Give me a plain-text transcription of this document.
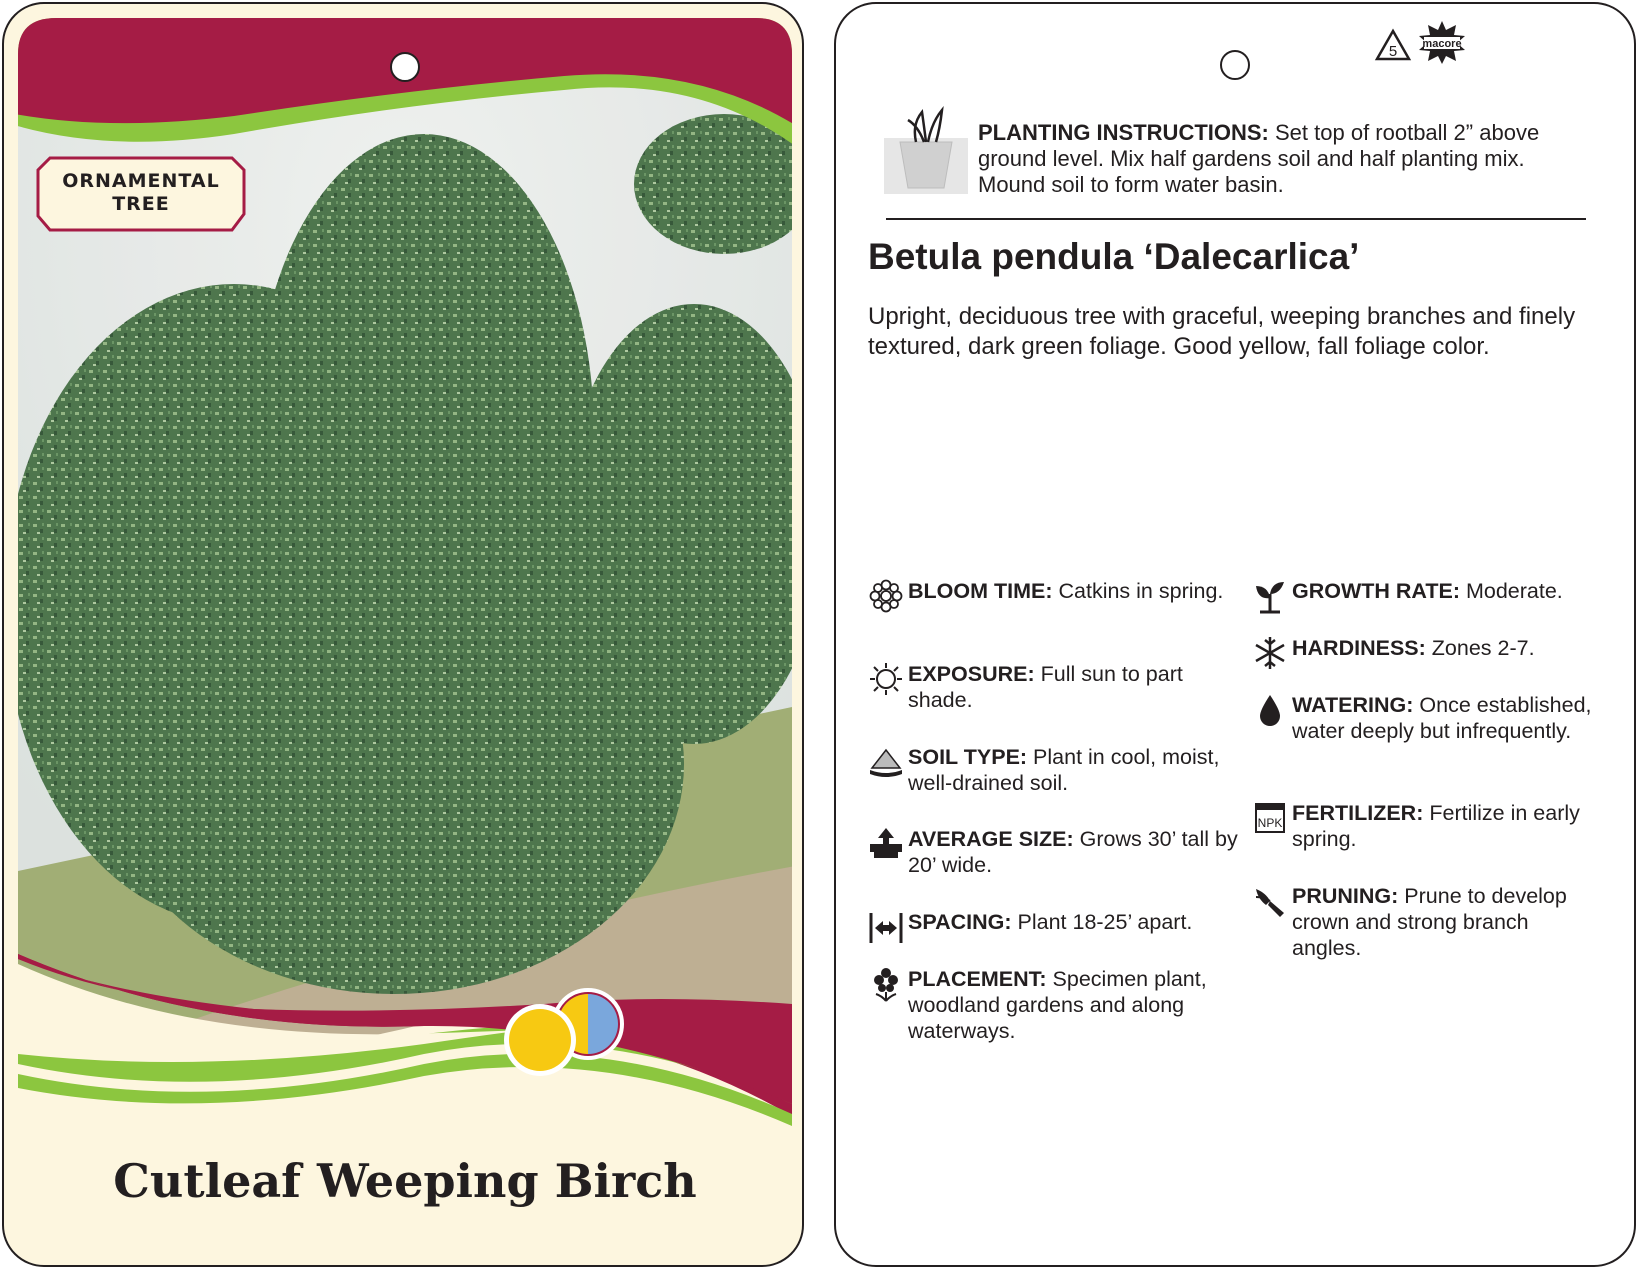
ORNAMENTAL
TREE
Cutleaf Weeping Birch
5 macore
PLANTING INSTRUCTIONS: Set top of rootball 2” above ground level. Mix half gardens soil and half planting mix. Mound soil to form water basin.
Betula pendula ‘Dalecarlica’
Upright, deciduous tree with graceful, weeping branches and finely textured, dark green foliage. Good yellow, fall foliage color.
BLOOM TIME: Catkins in spring.
EXPOSURE: Full sun to part shade.
SOIL TYPE: Plant in cool, moist, well-drained soil.
AVERAGE SIZE: Grows 30’ tall by 20’ wide.
SPACING: Plant 18-25’ apart.
PLACEMENT: Specimen plant, woodland gardens and along waterways.
GROWTH RATE: Moderate.
HARDINESS: Zones 2-7.
WATERING: Once established, water deeply but infrequently.
NPK FERTILIZER: Fertilize in early spring.
PRUNING: Prune to develop crown and strong branch angles.
